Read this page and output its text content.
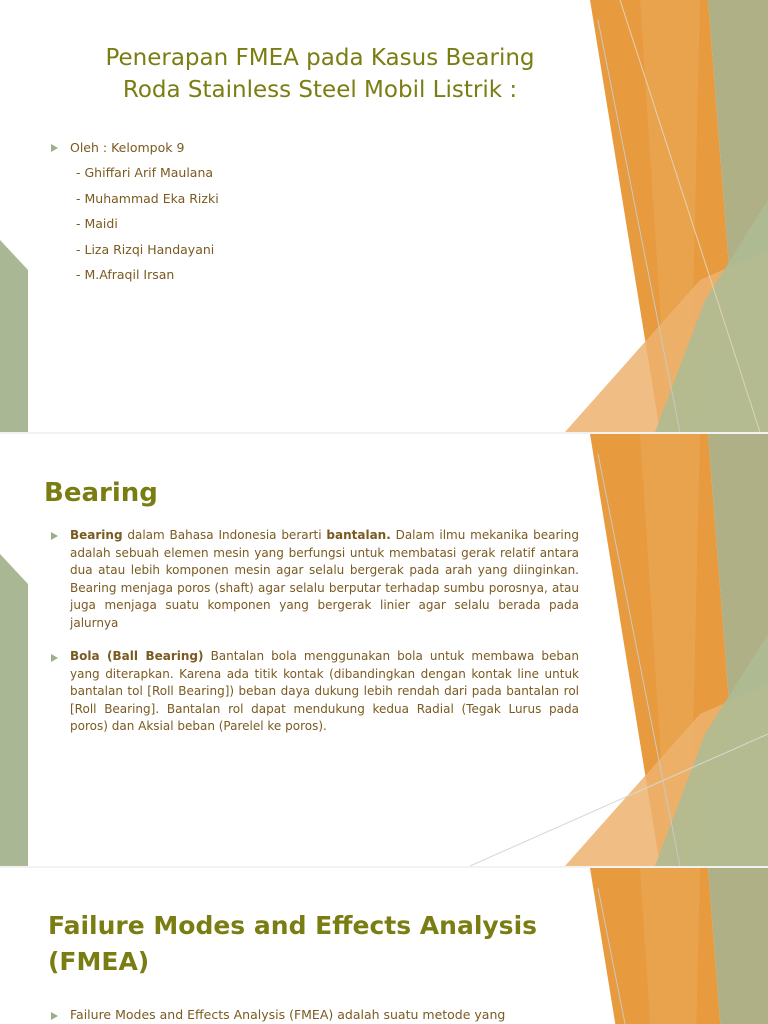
Penerapan FMEA pada Kasus Bearing
Roda Stainless Steel Mobil Listrik :
Oleh : Kelompok 9
- Ghiffari Arif Maulana
- Muhammad Eka Rizki
- Maidi
- Liza Rizqi Handayani
- M.Afraqil Irsan
Bearing
Bearing dalam Bahasa Indonesia berarti bantalan. Dalam ilmu mekanika bearing adalah sebuah elemen mesin yang berfungsi untuk membatasi gerak relatif antara dua atau lebih komponen mesin agar selalu bergerak pada arah yang diinginkan. Bearing menjaga poros (shaft) agar selalu berputar terhadap sumbu porosnya, atau juga menjaga suatu komponen yang bergerak linier agar selalu berada pada jalurnya
Bola (Ball Bearing) Bantalan bola menggunakan bola untuk membawa beban yang diterapkan. Karena ada titik kontak (dibandingkan dengan kontak line untuk bantalan tol [Roll Bearing]) beban daya dukung lebih rendah dari pada bantalan rol [Roll Bearing]. Bantalan rol dapat mendukung kedua Radial (Tegak Lurus pada poros) dan Aksial beban (Parelel ke poros).
Failure Modes and Effects Analysis (FMEA)
Failure Modes and Effects Analysis (FMEA) adalah suatu metode yang
